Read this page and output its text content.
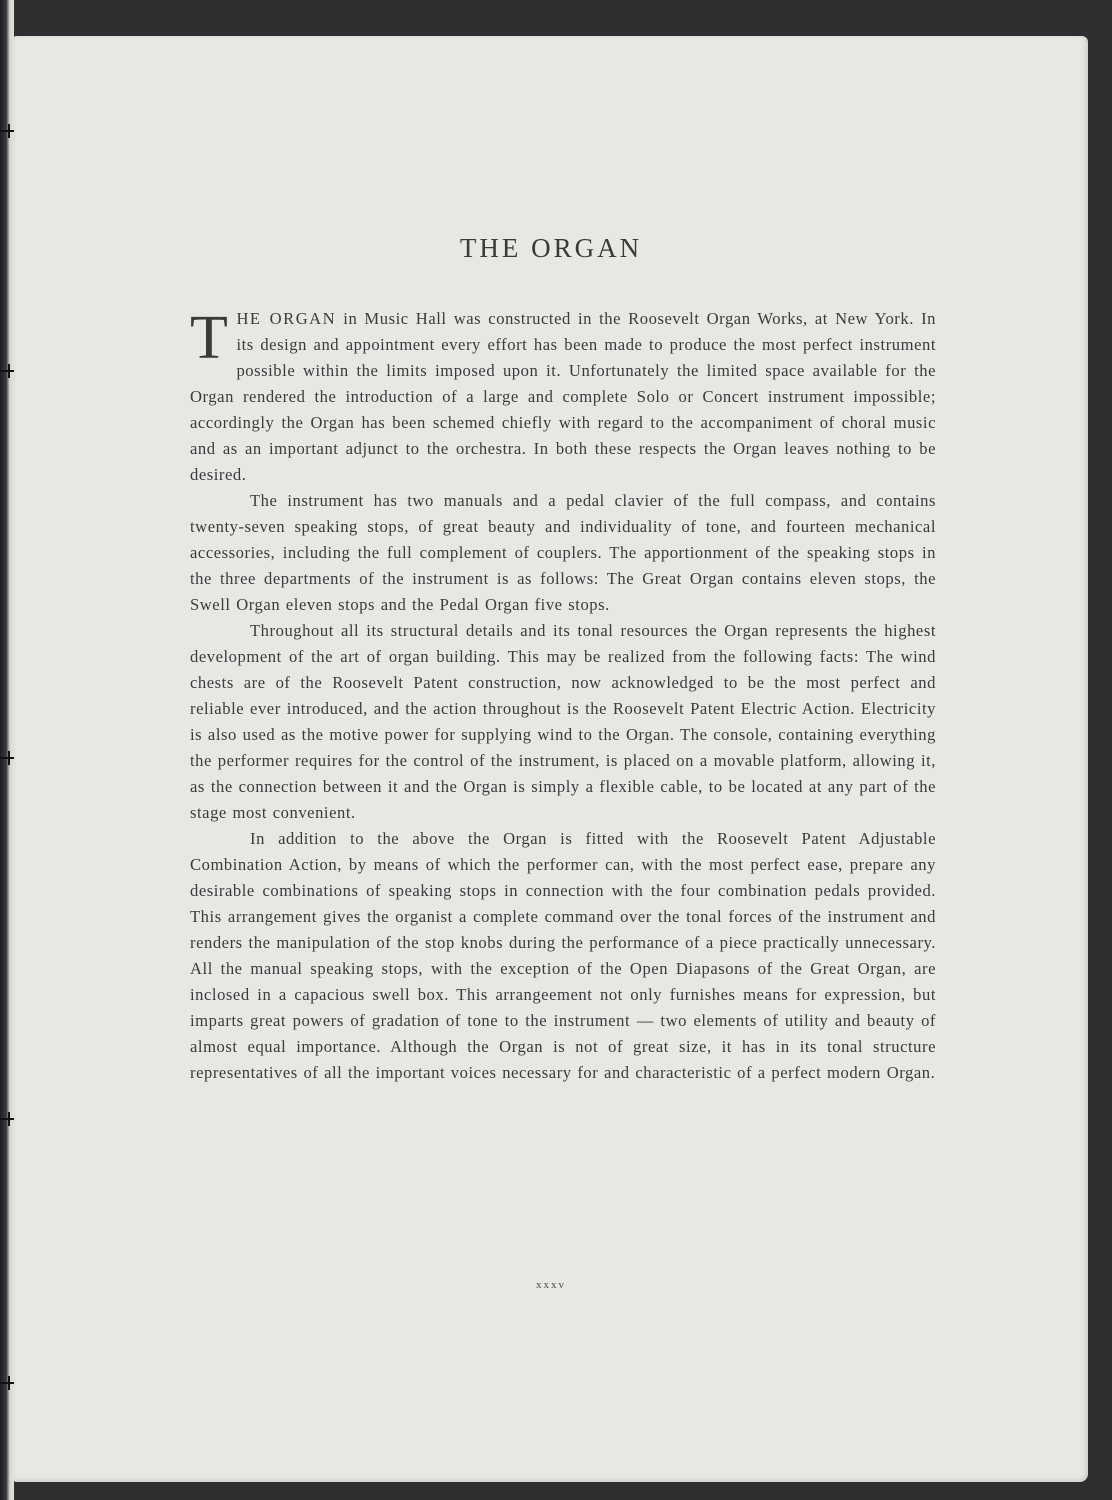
THE ORGAN

THE ORGAN in Music Hall was constructed in the Roosevelt Organ Works, at New York. In its design and appointment every effort has been made to produce the most perfect instrument possible within the limits imposed upon it. Unfortunately the limited space available for the Organ rendered the introduction of a large and complete Solo or Concert instrument impossible; accordingly the Organ has been schemed chiefly with regard to the accompaniment of choral music and as an important adjunct to the orchestra. In both these respects the Organ leaves nothing to be desired.

The instrument has two manuals and a pedal clavier of the full compass, and contains twenty-seven speaking stops, of great beauty and individuality of tone, and fourteen mechanical accessories, including the full complement of couplers. The apportionment of the speaking stops in the three departments of the instrument is as follows: The Great Organ contains eleven stops, the Swell Organ eleven stops and the Pedal Organ five stops.

Throughout all its structural details and its tonal resources the Organ represents the highest development of the art of organ building. This may be realized from the following facts: The wind chests are of the Roosevelt Patent construction, now acknowledged to be the most perfect and reliable ever introduced, and the action throughout is the Roosevelt Patent Electric Action. Electricity is also used as the motive power for supplying wind to the Organ. The console, containing everything the performer requires for the control of the instrument, is placed on a movable platform, allowing it, as the connection between it and the Organ is simply a flexible cable, to be located at any part of the stage most convenient.

In addition to the above the Organ is fitted with the Roosevelt Patent Adjustable Combination Action, by means of which the performer can, with the most perfect ease, prepare any desirable combinations of speaking stops in connection with the four combination pedals provided. This arrangement gives the organist a complete command over the tonal forces of the instrument and renders the manipulation of the stop knobs during the performance of a piece practically unnecessary. All the manual speaking stops, with the exception of the Open Diapasons of the Great Organ, are inclosed in a capacious swell box. This arrangeement not only furnishes means for expression, but imparts great powers of gradation of tone to the instrument — two elements of utility and beauty of almost equal importance. Although the Organ is not of great size, it has in its tonal structure representatives of all the important voices necessary for and characteristic of a perfect modern Organ.

xxxv
